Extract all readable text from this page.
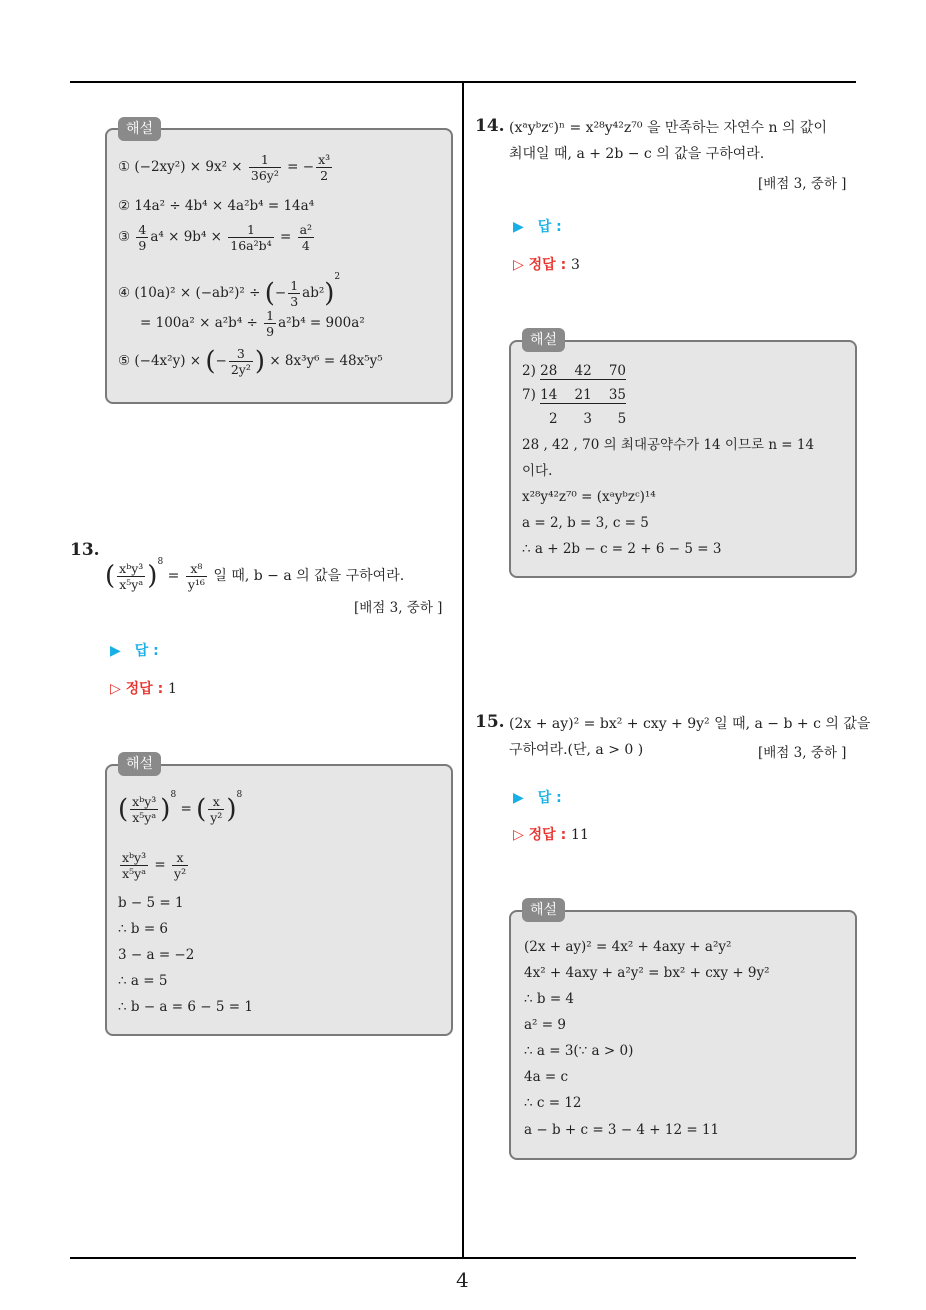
해설
① $(-2xy^2) \times 9x^2 \times \frac{1}{\text{36y²}}$ = − $\frac{\text{x³}}{2}$
② 14a² ÷ 4b⁴ × 4a²b⁴ = 14a⁴
③ $\frac{4}{9} a^4 \times 9b^4 \times \frac{1}{\text{16a²b⁴}} = \frac{\text{a²}}{4}$
④ (10a)² × (−ab²)² ÷ (− $\frac{1}{3} ab^2)^2$
= $100a^2 \times a^2b^4 \div \frac{1}{9} a^2b^4 = 900a^2$
⑤ (−4x²y) × (− $\frac{3}{\text{2y²}}$ ) × 8x³y⁶ = 48x⁵y⁵
13.
( $\frac{\text{xᵇy³}}{\text{x⁵yᵃ}} )^8 = \frac{\text{x⁸}}{\text{y¹⁶}}$ 일 때, b − a 의 값을 구하여라.
[배점 3, 중하 ]
▶　답 :
▷ 정답 : 1
해설
( $\frac{\text{xᵇy³}}{\text{x⁵yᵃ}} )^8$ = ( $\frac{x}{\text{y²}} )^8$
$\frac{\text{xᵇy³}}{\text{x⁵yᵃ}} = \frac{x}{\text{y²}}$
b − 5 = 1
∴ b = 6
3 − a = −2
∴ a = 5
∴ b − a = 6 − 5 = 1
14. (xᵃyᵇzᶜ)ⁿ = x²⁸y⁴²z⁷⁰ 을 만족하는 자연수 n 의 값이
최대일 때, a + 2b − c 의 값을 구하여라.
[배점 3, 중하 ]
▶　답 :
▷ 정답 : 3
해설
2) 28    42    70
7) 14    21    35
2      3      5
28 , 42 , 70 의 최대공약수가 14 이므로 n = 14
이다.
x²⁸y⁴²z⁷⁰ = (xᵃyᵇzᶜ)¹⁴
a = 2, b = 3, c = 5
∴ a + 2b − c = 2 + 6 − 5 = 3
15. (2x + ay)² = bx² + cxy + 9y² 일 때, a − b + c 의 값을
구하여라.(단, a > 0 )	[배점 3, 중하 ]
▶　답 :
▷ 정답 : 11
해설
(2x + ay)² = 4x² + 4axy + a²y²
4x² + 4axy + a²y² = bx² + cxy + 9y²
∴ b = 4
a² = 9
∴ a = 3(∵ a > 0)
4a = c
∴ c = 12
a − b + c = 3 − 4 + 12 = 11
4
